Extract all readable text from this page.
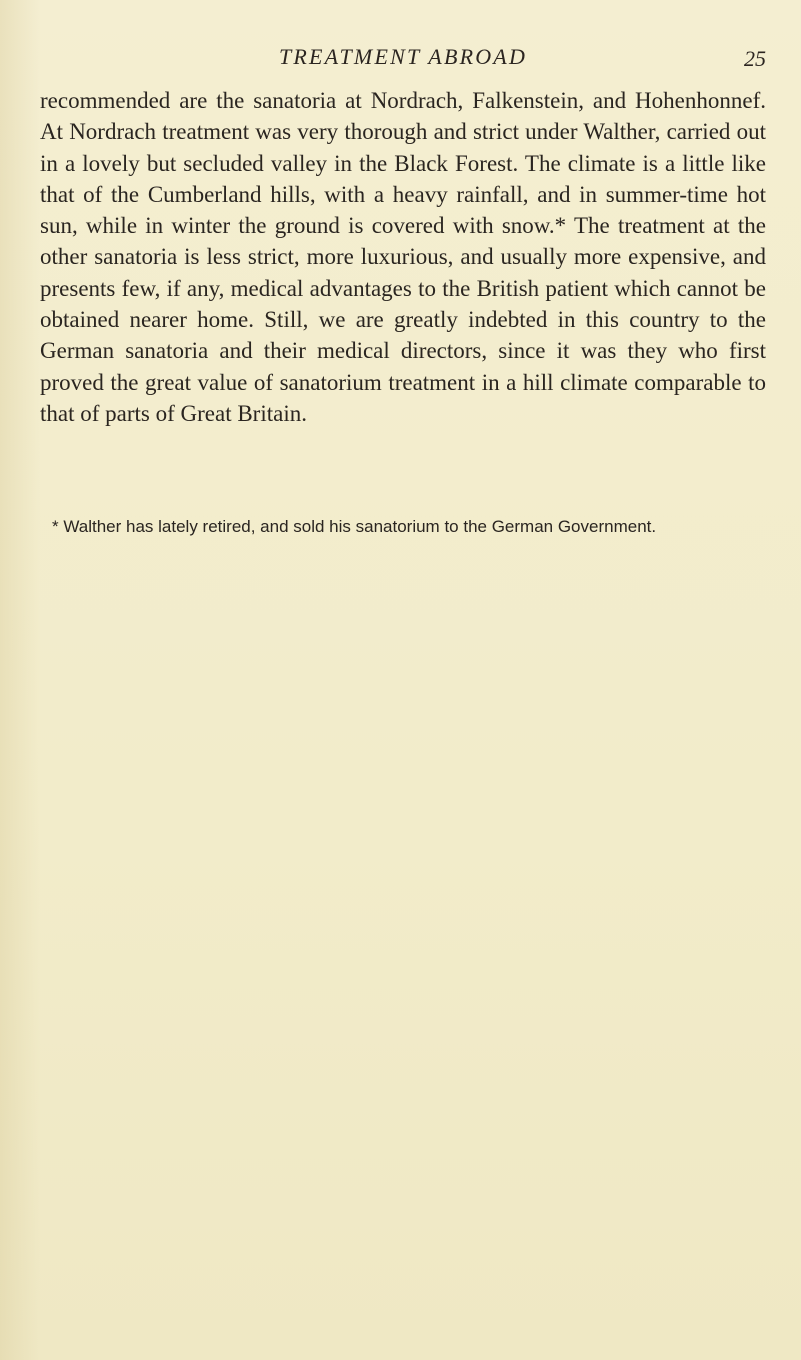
TREATMENT ABROAD	25

recommended are the sanatoria at Nordrach, Falkenstein, and Hohenhonnef. At Nordrach treatment was very thorough and strict under Walther, carried out in a lovely but secluded valley in the Black Forest. The climate is a little like that of the Cumberland hills, with a heavy rainfall, and in summer-time hot sun, while in winter the ground is covered with snow.* The treatment at the other sanatoria is less strict, more luxurious, and usually more expensive, and presents few, if any, medical advantages to the British patient which cannot be obtained nearer home. Still, we are greatly indebted in this country to the German sanatoria and their medical directors, since it was they who first proved the great value of sanatorium treatment in a hill climate comparable to that of parts of Great Britain.

* Walther has lately retired, and sold his sanatorium to the German Government.
